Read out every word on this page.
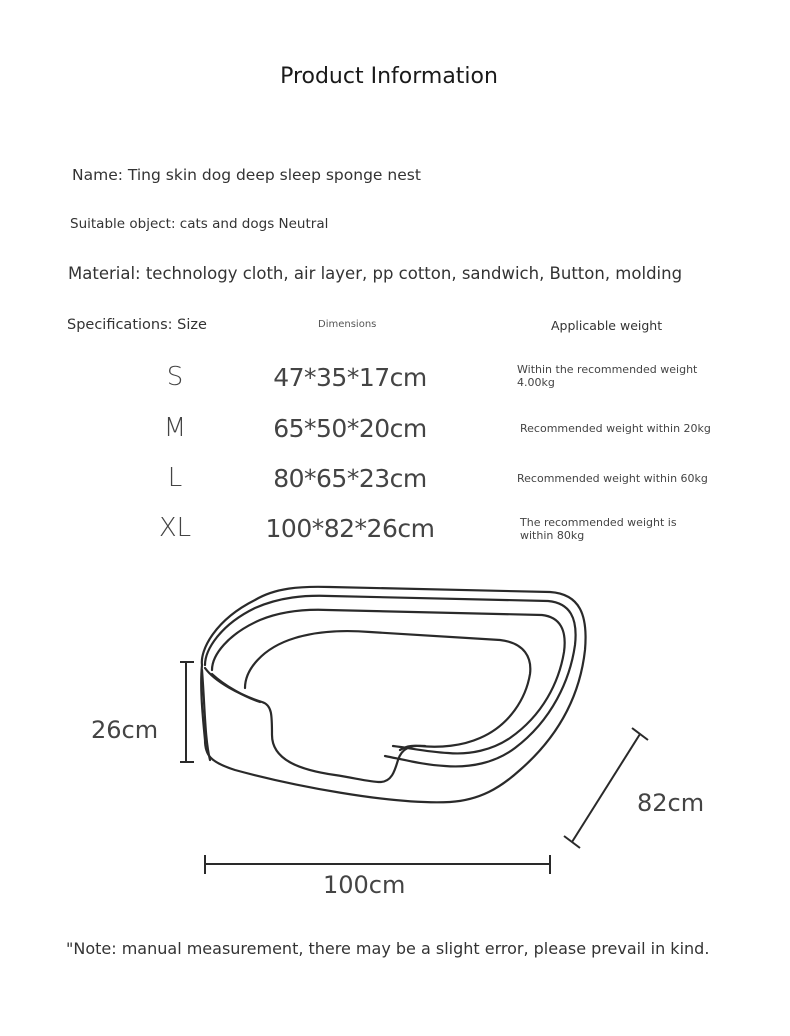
Product Information
Name: Ting skin dog deep sleep sponge nest
Suitable object: cats and dogs Neutral
Material: technology cloth, air layer, pp cotton, sandwich, Button, molding
Specifications: Size	Dimensions	Applicable weight
S	47*35*17cm	Within the recommended weight 4.00kg
M	65*50*20cm	Recommended weight within 20kg
L	80*65*23cm	Recommended weight within 60kg
XL	100*82*26cm	The recommended weight is within 80kg
26cm
82cm
100cm
"Note: manual measurement, there may be a slight error, please prevail in kind.
